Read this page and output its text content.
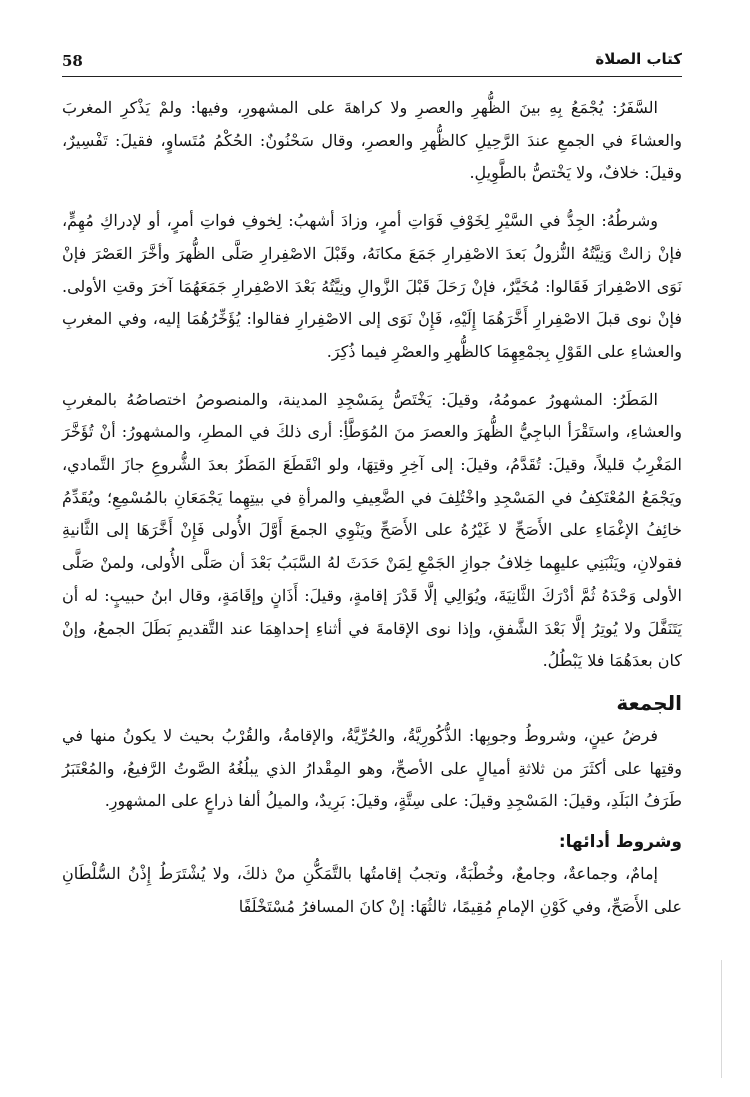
58	كتاب الصلاة

السَّفَرُ: يُجْمَعُ بِهِ بينَ الظُّهرِ والعصرِ ولا كراهةَ على المشهورِ، وفيها: ولمْ يَذْكرِ المغربَ والعشاءَ في الجمعِ عندَ الرَّحِيلِ كالظُّهرِ والعصرِ، وقال سَحْنُونٌ: الحُكْمُ مُتَساوٍ، فقيلَ: تَفْسِيرٌ، وقيلَ: خلافٌ، ولا يَخْتصُّ بالطَّوِيلِ.

وشرطُهُ: الجِدُّ في السَّيْرِ لِخَوْفِ فَوَاتِ أمرٍ، وزادَ أشهبُ: لِخوفِ فواتِ أمرٍ، أو لإدراكِ مُهِمٍّ، فإنْ زالتْ وَنِيَّتُهُ النُّزولُ بَعدَ الاصْفِرارِ جَمَعَ مكانَهُ، وقَبْلَ الاصْفِرارِ صَلَّى الظُّهرَ وأخَّرَ العَصْرَ فإنْ نَوَى الاصْفِرارَ فَقَالوا: مُخَيَّرٌ، فإنْ رَحَلَ قَبْلَ الزَّوالِ ونِيَّتُهُ بَعْدَ الاصْفِرارِ جَمَعَهُمَا آخرَ وقتِ الأولى. فإنْ نوى قبلَ الاصْفِرارِ أَخَّرَهُمَا إِلَيْهِ، فَإِنْ نَوَى إلى الاصْفِرارِ فقالوا: يُؤَخِّرُهُمَا إليه، وفي المغربِ والعشاءِ على القَوْلِ بِجمْعِهِمَا كالظُّهرِ والعصْرِ فيما ذُكِرَ.

المَطَرُ: المشهورُ عمومُهُ، وقيلَ: يَخْتَصُّ بِمَسْجِدِ المدينة، والمنصوصُ اختصاصُهُ بالمغربِ والعشاءِ، واستَقْرَأ الباجِيُّ الظُّهرَ والعصرَ منَ المُوَطَّأِ: أرى ذلكَ في المطرِ، والمشهورُ: أنْ تُؤَخَّرَ المَغْرِبُ قليلاً، وقيلَ: تُقَدَّمُ، وقيلَ: إلى آخِرِ وقتِهَا، ولو انْقَطَعَ المَطَرُ بعدَ الشُّروعِ جازَ التَّمادي، ويَجْمَعُ المُعْتَكِفُ في المَسْجِدِ واخْتُلِفَ في الضَّعِيفِ والمرأةِ في بيتِهِما يَجْمَعَانِ بالمُسْمِعِ؛ ويُقَدِّمُ خائِفُ الإغْمَاءِ على الأَصَحِّ لا غَيْرُهُ على الأَصَحِّ ويَنْوِي الجمعَ أَوَّلَ الأُولى فَإِنْ أَخَّرَهَا إلى الثَّانيةِ فقولانِ، ويَنْبَنِي عليهِما خِلافُ جوازِ الجَمْعِ لِمَنْ حَدَثَ لهُ السَّبَبُ بَعْدَ أن صَلَّى الأُولى، ولمنْ صَلَّى الأولى وَحْدَهُ ثُمَّ أدْرَكَ الثَّانِيَةَ، ويُوَالِي إلَّا قَدْرَ إقامةٍ، وقيلَ: أَذَانٍ وإقَامَةٍ، وقال ابنُ حبيبٍ: له أن يَتَنَفَّلَ ولا يُوتِرُ إلَّا بَعْدَ الشَّفقِ، وإذا نوى الإقامةَ في أثناءِ إحداهِمَا عند التَّقديمِ بَطَلَ الجمعُ، وإنْ كان بعدَهُمَا فلا يَبْطُلُ.

الجمعة

فرضُ عينٍ، وشروطُ وجوبِها: الذُّكُورِيَّةُ، والحُرِّيَّةُ، والإقامةُ، والقُرْبُ بحيث لا يكونُ منها في وقتِها على أكثَرَ من ثلاثةِ أميالٍ على الأصحِّ، وهو المِقْدارُ الذي يبلُغُهُ الصَّوتُ الرَّفيعُ، والمُعْتَبَرُ طَرَفُ البَلَدِ، وقيلَ: المَسْجِدِ وقيلَ: على سِتَّةٍ، وقيلَ: بَرِيدٌ، والميلُ ألفا ذراعٍ على المشهورِ.

وشروط أدائها:

إمامٌ، وجماعةٌ، وجامعٌ، وخُطْبَةٌ، وتجبُ إقامتُها بالتَّمَكُّنِ منْ ذلكَ، ولا يُشْتَرَطُ إِذْنُ السُّلْطَانِ على الأَصَحِّ، وفي كَوْنِ الإمامِ مُقِيمًا، ثالثُهَا: إنْ كانَ المسافرُ مُسْتَخْلَفًا
